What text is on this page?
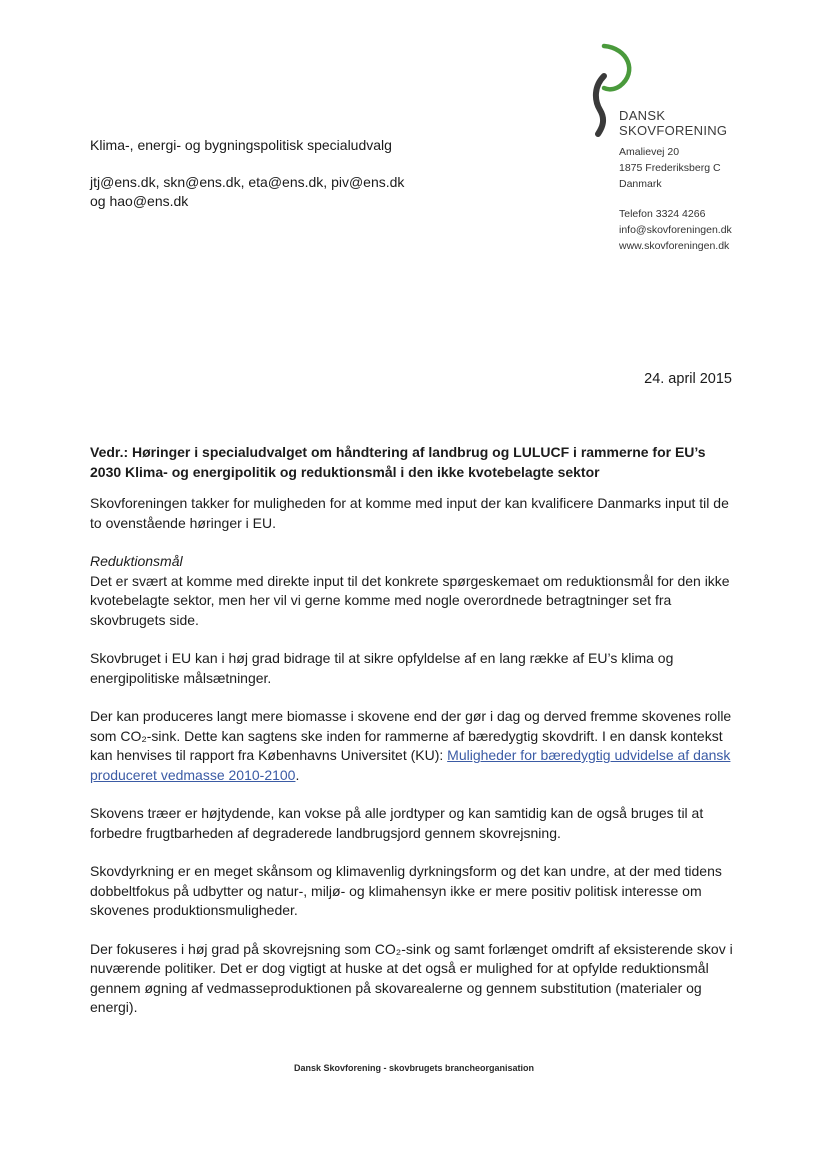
DANSK
SKOVFORENING
Amalievej 20
1875 Frederiksberg C
Danmark
Telefon 3324 4266
info@skovforeningen.dk
www.skovforeningen.dk
Klima-, energi- og bygningspolitisk specialudvalg
jtj@ens.dk, skn@ens.dk, eta@ens.dk, piv@ens.dk
og hao@ens.dk
24. april 2015

Vedr.: Høringer i specialudvalget om håndtering af landbrug og LULUCF i rammerne for EU’s 2030 Klima- og energipolitik og reduktionsmål i den ikke kvotebelagte sektor

Skovforeningen takker for muligheden for at komme med input der kan kvalificere Danmarks input til de to ovenstående høringer i EU.

Reduktionsmål
Det er svært at komme med direkte input til det konkrete spørgeskemaet om reduktionsmål for den ikke kvotebelagte sektor, men her vil vi gerne komme med nogle overordnede betragtninger set fra skovbrugets side.

Skovbruget i EU kan i høj grad bidrage til at sikre opfyldelse af en lang række af EU’s klima og energipolitiske målsætninger.

Der kan produceres langt mere biomasse i skovene end der gør i dag og derved fremme skovenes rolle som CO₂-sink. Dette kan sagtens ske inden for rammerne af bæredygtig skovdrift. I en dansk kontekst kan henvises til rapport fra Københavns Universitet (KU): Muligheder for bæredygtig udvidelse af dansk produceret vedmasse 2010-2100.

Skovens træer er højtydende, kan vokse på alle jordtyper og kan samtidig kan de også bruges til at forbedre frugtbarheden af degraderede landbrugsjord gennem skovrejsning.

Skovdyrkning er en meget skånsom og klimavenlig dyrkningsform og det kan undre, at der med tidens dobbeltfokus på udbytter og natur-, miljø- og klimahensyn ikke er mere positiv politisk interesse om skovenes produktionsmuligheder.

Der fokuseres i høj grad på skovrejsning som CO₂-sink og samt forlænget omdrift af eksisterende skov i nuværende politiker. Det er dog vigtigt at huske at det også er mulighed for at opfylde reduktionsmål gennem øgning af vedmasseproduktionen på skovarealerne og gennem substitution (materialer og energi).

Dansk Skovforening - skovbrugets brancheorganisation
